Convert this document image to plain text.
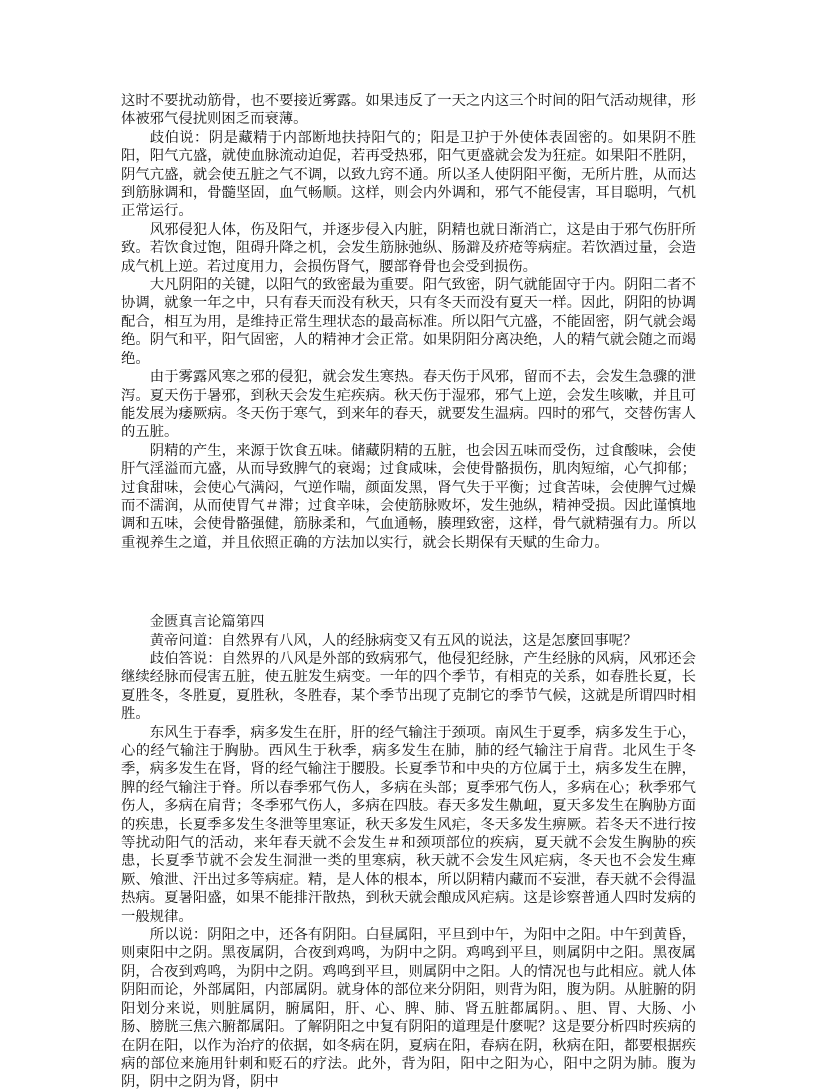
这时不要扰动筋骨，也不要接近雾露。如果违反了一天之内这三个时间的阳气活动规律，形体被邪气侵扰则困乏而衰薄。

歧伯说：阴是藏精于内部断地扶持阳气的；阳是卫护于外使体表固密的。如果阴不胜阳，阳气亢盛，就使血脉流动迫促，若再受热邪，阳气更盛就会发为狂症。如果阳不胜阴，阴气亢盛，就会使五脏之气不调，以致九窍不通。所以圣人使阴阳平衡，无所片胜，从而达到筋脉调和，骨髓坚固，血气畅顺。这样，则会内外调和，邪气不能侵害，耳目聪明，气机正常运行。

风邪侵犯人体，伤及阳气，并逐步侵入内脏，阴精也就日渐消亡，这是由于邪气伤肝所致。若饮食过饱，阻碍升降之机，会发生筋脉弛纵、肠澼及疥疮等病症。若饮酒过量，会造成气机上逆。若过度用力，会损伤肾气，腰部脊骨也会受到损伤。

大凡阴阳的关键，以阳气的致密最为重要。阳气致密，阴气就能固守于内。阴阳二者不协调，就象一年之中，只有春天而没有秋天，只有冬天而没有夏天一样。因此，阴阳的协调配合，相互为用，是维持正常生理状态的最高标准。所以阳气亢盛，不能固密，阴气就会竭绝。阴气和平，阳气固密，人的精神才会正常。如果阴阳分离决绝，人的精气就会随之而竭绝。

由于雾露风寒之邪的侵犯，就会发生寒热。春天伤于风邪，留而不去，会发生急骤的泄泻。夏天伤于暑邪，到秋天会发生疟疾病。秋天伤于湿邪，邪气上逆，会发生咳嗽，并且可能发展为痿厥病。冬天伤于寒气，到来年的春天，就要发生温病。四时的邪气，交替伤害人的五脏。

阴精的产生，来源于饮食五味。储藏阴精的五脏，也会因五味而受伤，过食酸味，会使肝气淫溢而亢盛，从而导致脾气的衰竭；过食咸味，会使骨骼损伤，肌肉短缩，心气抑郁；过食甜味，会使心气满闷，气逆作喘，颜面发黑，肾气失于平衡；过食苦味，会使脾气过燥而不濡润，从而使胃气＃滞；过食辛味，会使筋脉败坏，发生弛纵，精神受损。因此谨慎地调和五味，会使骨骼强健，筋脉柔和，气血通畅，腠理致密，这样，骨气就精强有力。所以重视养生之道，并且依照正确的方法加以实行，就会长期保有天赋的生命力。

金匮真言论篇第四

黄帝问道：自然界有八风，人的经脉病变又有五风的说法，这是怎麼回事呢？

歧伯答说：自然界的八风是外部的致病邪气，他侵犯经脉，产生经脉的风病，风邪还会继续经脉而侵害五脏，使五脏发生病变。一年的四个季节，有相克的关系，如春胜长夏，长夏胜冬，冬胜夏，夏胜秋，冬胜春，某个季节出现了克制它的季节气候，这就是所谓四时相胜。

东风生于春季，病多发生在肝，肝的经气输注于颈项。南风生于夏季，病多发生于心，心的经气输注于胸胁。西风生于秋季，病多发生在肺，肺的经气输注于肩背。北风生于冬季，病多发生在肾，肾的经气输注于腰股。长夏季节和中央的方位属于土，病多发生在脾，脾的经气输注于脊。所以春季邪气伤人，多病在头部；夏季邪气伤人，多病在心；秋季邪气伤人，多病在肩背；冬季邪气伤人，多病在四肢。春天多发生鼽衄，夏天多发生在胸胁方面的疾患，长夏季多发生冬泄等里寒证，秋天多发生风疟，冬天多发生痹厥。若冬天不进行按等扰动阳气的活动，来年春天就不会发生＃和颈项部位的疾病，夏天就不会发生胸胁的疾患，长夏季节就不会发生洞泄一类的里寒病，秋天就不会发生风疟病，冬天也不会发生痺厥、飧泄、汗出过多等病症。精，是人体的根本，所以阴精内藏而不妄泄，春天就不会得温热病。夏暑阳盛，如果不能排汗散热，到秋天就会酿成风疟病。这是诊察普通人四时发病的一般规律。

所以说：阴阳之中，还各有阴阳。白昼属阳，平旦到中午，为阳中之阳。中午到黄昏，则柬阳中之阴。黑夜属阴，合夜到鸡鸣，为阴中之阴。鸡鸣到平旦，则属阴中之阳。黑夜属阴，合夜到鸡鸣，为阴中之阴。鸡鸣到平旦，则属阴中之阳。人的情况也与此相应。就人体阴阳而论，外部属阳，内部属阴。就身体的部位来分阴阳，则背为阳，腹为阴。从脏腑的阴阳划分来说，则脏属阴，腑属阳，肝、心、脾、肺、肾五脏都属阴。、胆、胃、大肠、小肠、膀胱三焦六腑都属阳。了解阴阳之中复有阴阳的道理是什麽呢？这是要分析四时疾病的在阴在阳，以作为治疗的依据，如冬病在阴，夏病在阳，春病在阴，秋病在阳，都要根据疾病的部位来施用针刺和贬石的疗法。此外，背为阳，阳中之阳为心，阳中之阴为肺。腹为阴，阴中之阴为肾，阴中
